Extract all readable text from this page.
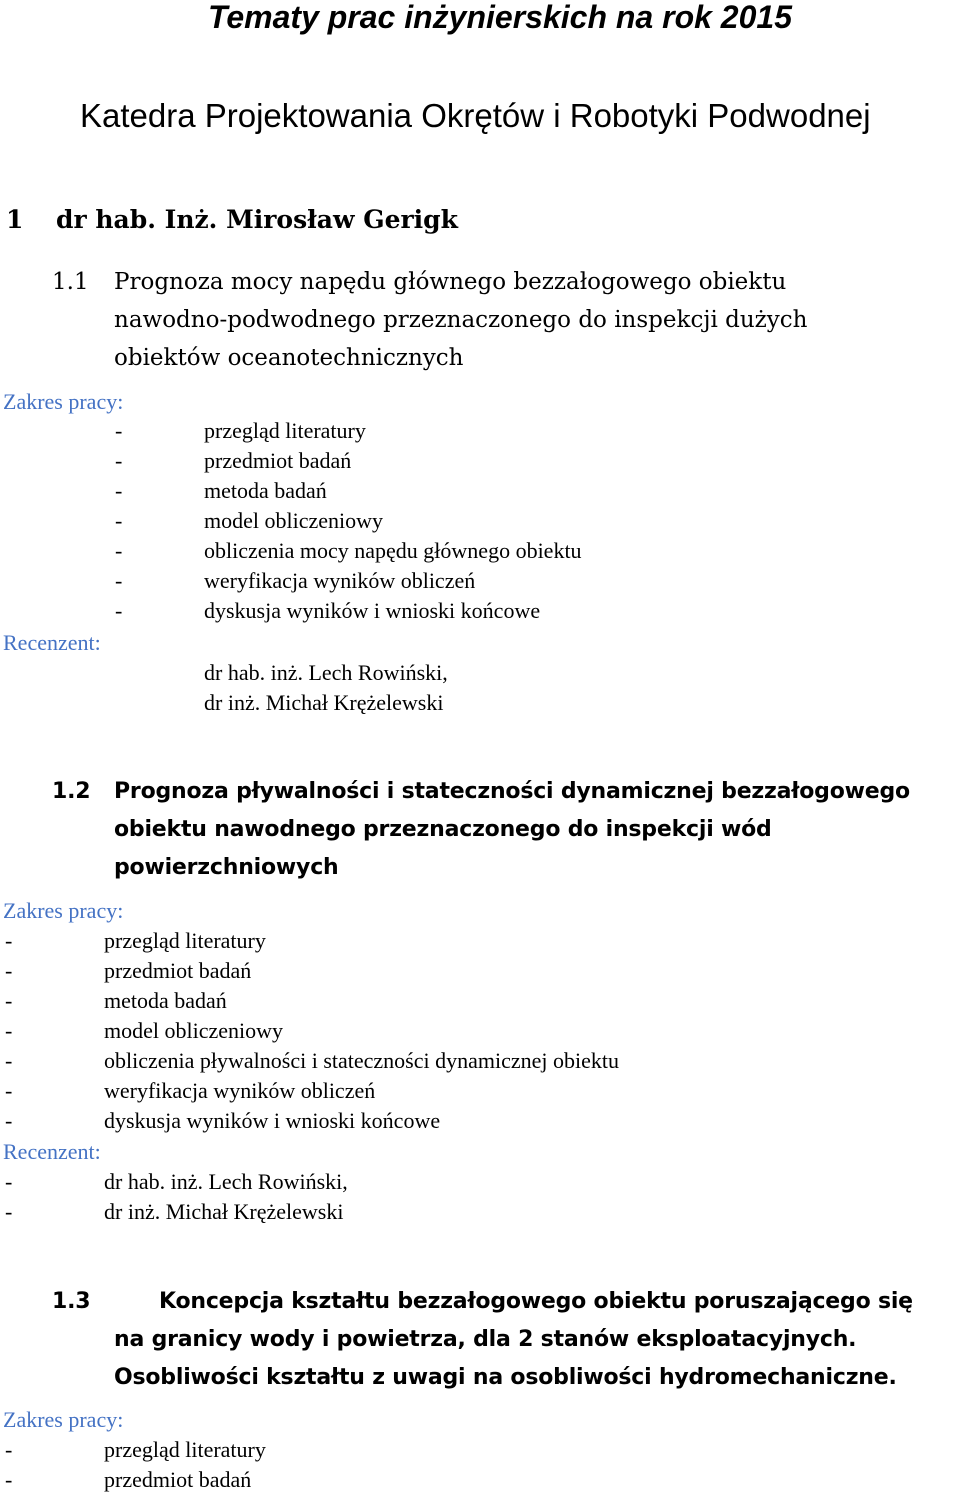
Tematy prac inżynierskich na rok 2015
Katedra Projektowania Okrętów i Robotyki Podwodnej
1 dr hab. Inż. Mirosław Gerigk
1.1 Prognoza mocy napędu głównego bezzałogowego obiektu
nawodno-podwodnego przeznaczonego do inspekcji dużych
obiektów oceanotechnicznych
Zakres pracy:
-	przegląd literatury
-	przedmiot badań
-	metoda badań
-	model obliczeniowy
-	obliczenia mocy napędu głównego obiektu
-	weryfikacja wyników obliczeń
-	dyskusja wyników i wnioski końcowe
Recenzent:
dr hab. inż. Lech Rowiński,
dr inż. Michał Krężelewski
1.2 Prognoza pływalności i stateczności dynamicznej bezzałogowego
obiektu nawodnego przeznaczonego do inspekcji wód
powierzchniowych
Zakres pracy:
-	przegląd literatury
-	przedmiot badań
-	metoda badań
-	model obliczeniowy
-	obliczenia pływalności i stateczności dynamicznej obiektu
-	weryfikacja wyników obliczeń
-	dyskusja wyników i wnioski końcowe
Recenzent:
-	dr hab. inż. Lech Rowiński,
-	dr inż. Michał Krężelewski
1.3	Koncepcja kształtu bezzałogowego obiektu poruszającego się
na granicy wody i powietrza, dla 2 stanów eksploatacyjnych.
Osobliwości kształtu z uwagi na osobliwości hydromechaniczne.
Zakres pracy:
-	przegląd literatury
-	przedmiot badań
